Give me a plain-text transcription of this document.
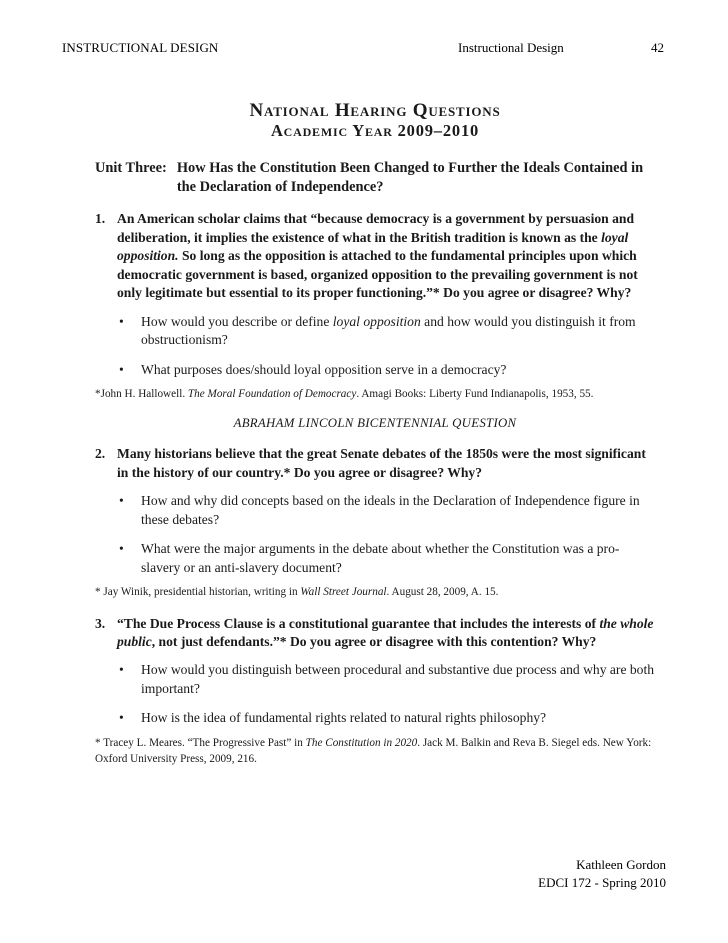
INSTRUCTIONAL DESIGN	Instructional Design	42
National Hearing Questions
Academic Year 2009–2010
Unit Three: How Has the Constitution Been Changed to Further the Ideals Contained in the Declaration of Independence?
1. An American scholar claims that “because democracy is a government by persuasion and deliberation, it implies the existence of what in the British tradition is known as the loyal opposition. So long as the opposition is attached to the fundamental principles upon which democratic government is based, organized opposition to the prevailing government is not only legitimate but essential to its proper functioning.”* Do you agree or disagree? Why?
•	How would you describe or define loyal opposition and how would you distinguish it from obstructionism?
•	What purposes does/should loyal opposition serve in a democracy?
*John H. Hallowell. The Moral Foundation of Democracy. Amagi Books: Liberty Fund Indianapolis, 1953, 55.
ABRAHAM LINCOLN BICENTENNIAL QUESTION
2. Many historians believe that the great Senate debates of the 1850s were the most significant in the history of our country.* Do you agree or disagree? Why?
•	How and why did concepts based on the ideals in the Declaration of Independence figure in these debates?
•	What were the major arguments in the debate about whether the Constitution was a pro-slavery or an anti-slavery document?
* Jay Winik, presidential historian, writing in Wall Street Journal. August 28, 2009, A. 15.
3. “The Due Process Clause is a constitutional guarantee that includes the interests of the whole public, not just defendants.”* Do you agree or disagree with this contention? Why?
•	How would you distinguish between procedural and substantive due process and why are both important?
•	How is the idea of fundamental rights related to natural rights philosophy?
* Tracey L. Meares. “The Progressive Past” in The Constitution in 2020. Jack M. Balkin and Reva B. Siegel eds. New York: Oxford University Press, 2009, 216.
Kathleen Gordon
EDCI 172 - Spring 2010
